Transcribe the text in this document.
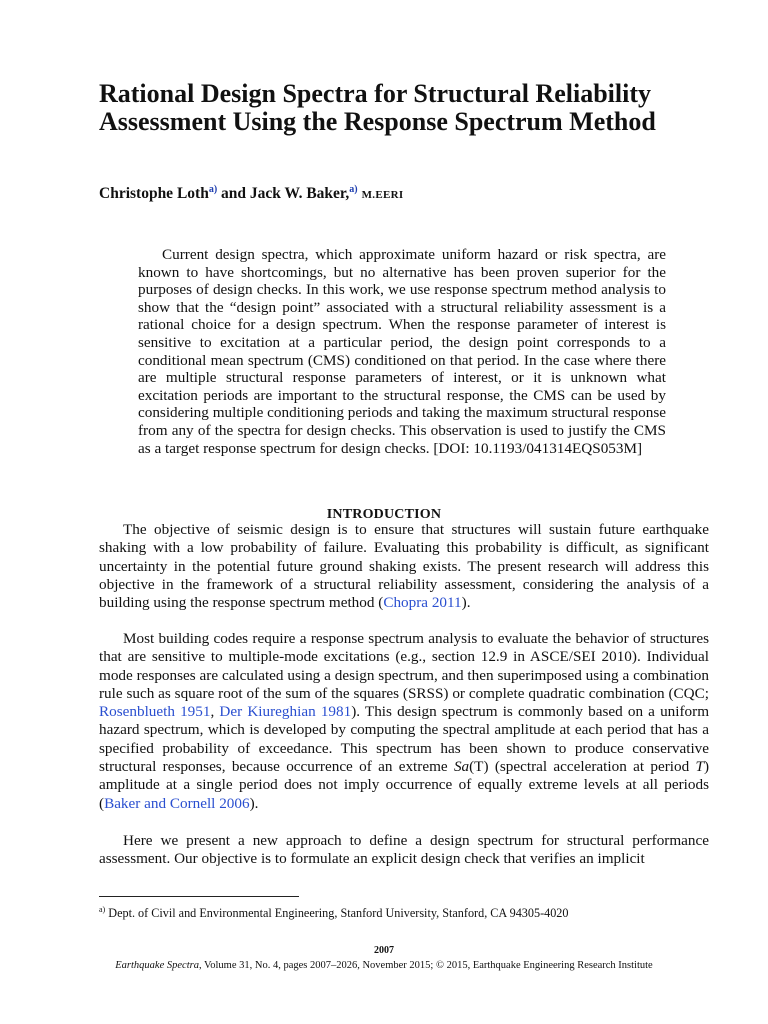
Rational Design Spectra for Structural Reliability Assessment Using the Response Spectrum Method
Christophe Loth$^{a)}$ and Jack W. Baker,$^{a)}$ M.EERI

Current design spectra, which approximate uniform hazard or risk spectra, are known to have shortcomings, but no alternative has been proven superior for the purposes of design checks. In this work, we use response spectrum method analysis to show that the “design point” associated with a structural reliability assessment is a rational choice for a design spectrum. When the response parameter of interest is sensitive to excitation at a particular period, the design point corresponds to a conditional mean spectrum (CMS) conditioned on that period. In the case where there are multiple structural response parameters of interest, or it is unknown what excitation periods are important to the structural response, the CMS can be used by considering multiple conditioning periods and taking the maximum structural response from any of the spectra for design checks. This observation is used to justify the CMS as a target response spectrum for design checks. [DOI: 10.1193/041314EQS053M]

INTRODUCTION

The objective of seismic design is to ensure that structures will sustain future earthquake shaking with a low probability of failure. Evaluating this probability is difficult, as significant uncertainty in the potential future ground shaking exists. The present research will address this objective in the framework of a structural reliability assessment, considering the analysis of a building using the response spectrum method (Chopra 2011).

Most building codes require a response spectrum analysis to evaluate the behavior of structures that are sensitive to multiple-mode excitations (e.g., section 12.9 in ASCE/SEI 2010). Individual mode responses are calculated using a design spectrum, and then superimposed using a combination rule such as square root of the sum of the squares (SRSS) or complete quadratic combination (CQC; Rosenblueth 1951, Der Kiureghian 1981). This design spectrum is commonly based on a uniform hazard spectrum, which is developed by computing the spectral amplitude at each period that has a specified probability of exceedance. This spectrum has been shown to produce conservative structural responses, because occurrence of an extreme Sa(T) (spectral acceleration at period T) amplitude at a single period does not imply occurrence of equally extreme levels at all periods (Baker and Cornell 2006).

Here we present a new approach to define a design spectrum for structural performance assessment. Our objective is to formulate an explicit design check that verifies an implicit

$^{a)}$ Dept. of Civil and Environmental Engineering, Stanford University, Stanford, CA 94305-4020
2007
Earthquake Spectra, Volume 31, No. 4, pages 2007–2026, November 2015; © 2015, Earthquake Engineering Research Institute
